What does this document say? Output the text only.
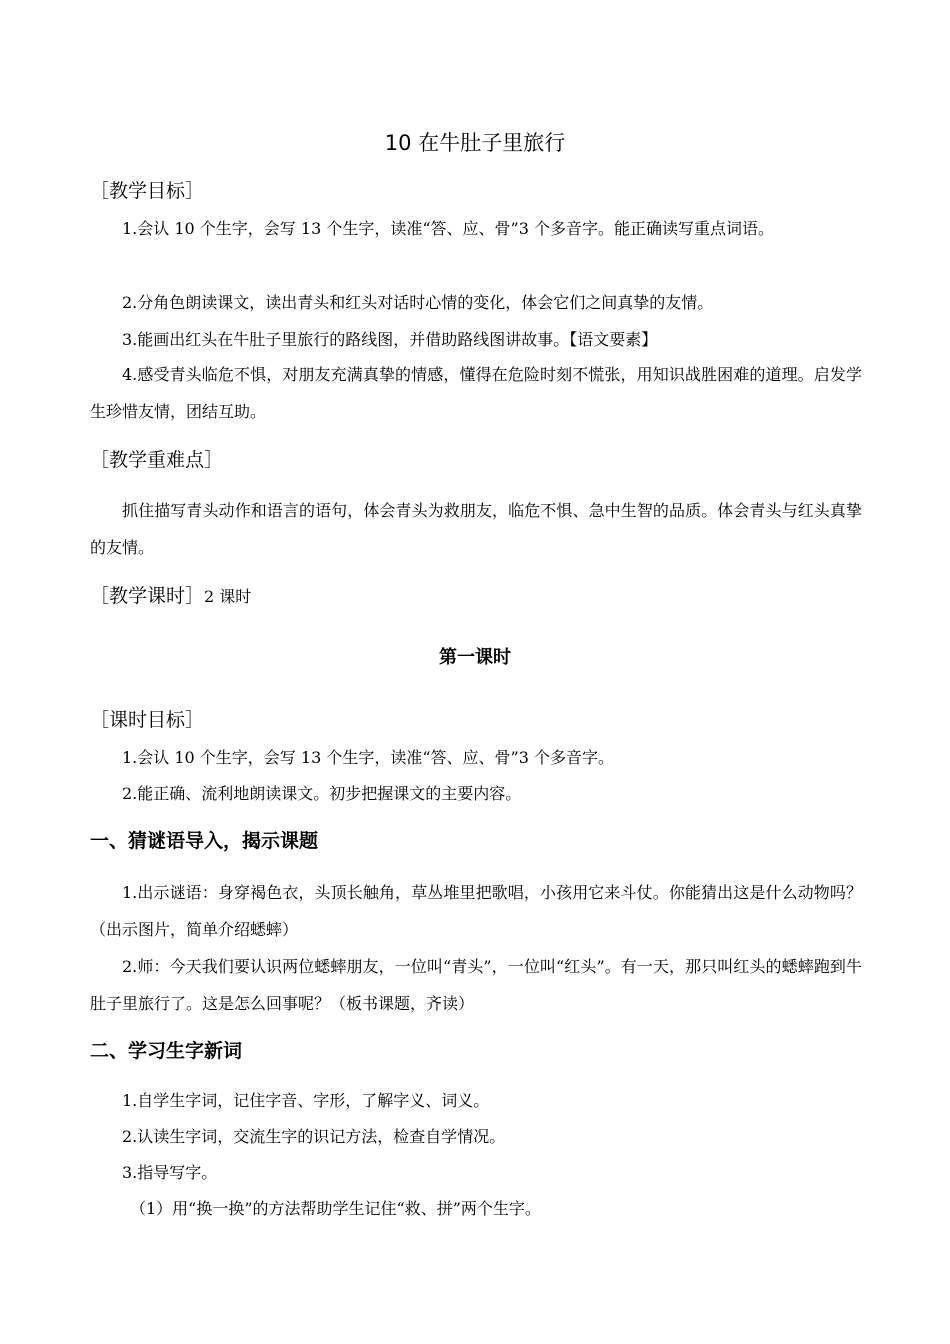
10 在牛肚子里旅行
［教学目标］
1.会认 10 个生字，会写 13 个生字，读准“答、应、骨”3 个多音字。能正确读写重点词语。
2.分角色朗读课文，读出青头和红头对话时心情的变化，体会它们之间真挚的友情。
3.能画出红头在牛肚子里旅行的路线图，并借助路线图讲故事。【语文要素】
4.感受青头临危不惧，对朋友充满真挚的情感，懂得在危险时刻不慌张，用知识战胜困难的道理。启发学生珍惜友情，团结互助。
［教学重难点］
抓住描写青头动作和语言的语句，体会青头为救朋友，临危不惧、急中生智的品质。体会青头与红头真挚的友情。
［教学课时］2 课时
第一课时
［课时目标］
1.会认 10 个生字，会写 13 个生字，读准“答、应、骨”3 个多音字。
2.能正确、流利地朗读课文。初步把握课文的主要内容。
一、猜谜语导入，揭示课题
1.出示谜语：身穿褐色衣，头顶长触角，草丛堆里把歌唱，小孩用它来斗仗。你能猜出这是什么动物吗？（出示图片，简单介绍蟋蟀）
2.师：今天我们要认识两位蟋蟀朋友，一位叫“青头”，一位叫“红头”。有一天，那只叫红头的蟋蟀跑到牛肚子里旅行了。这是怎么回事呢？（板书课题，齐读）
二、学习生字新词
1.自学生字词，记住字音、字形，了解字义、词义。
2.认读生字词，交流生字的识记方法，检查自学情况。
3.指导写字。
（1）用“换一换”的方法帮助学生记住“救、拼”两个生字。
